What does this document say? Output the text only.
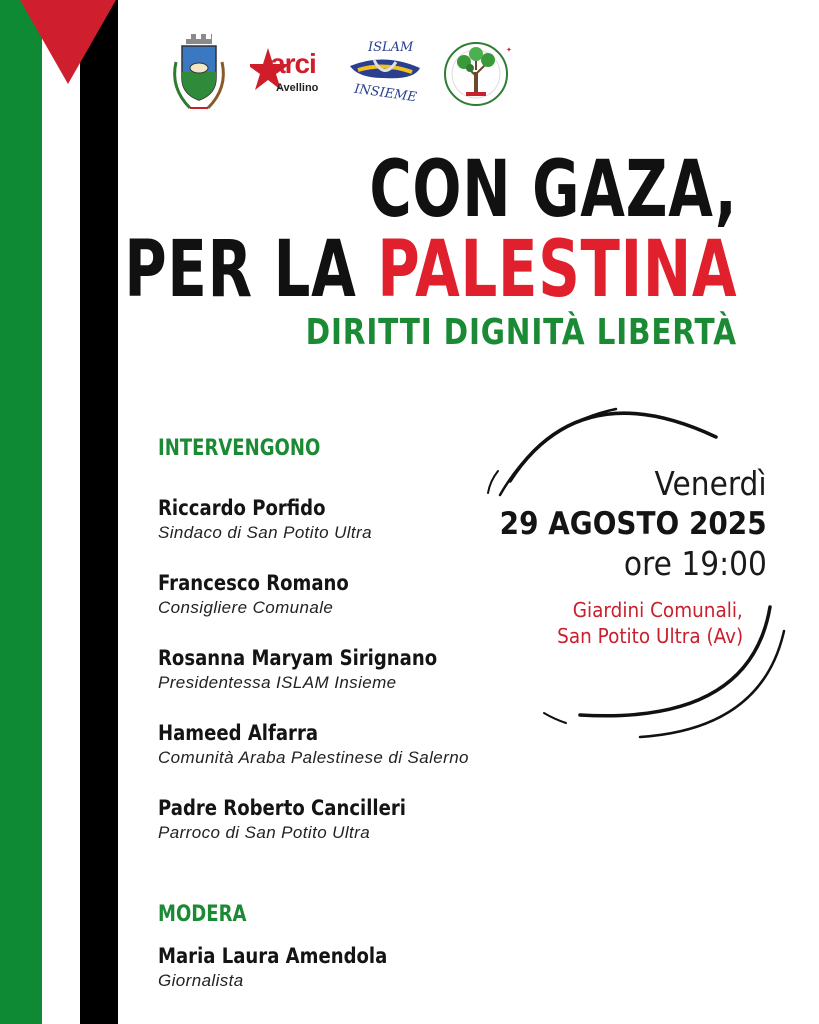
arci
Avellino
ISLAM
INSIEME
✦
CON GAZA,
PER LA PALESTINA
DIRITTI DIGNITÀ LIBERTÀ
INTERVENGONO
Riccardo Porfido
Sindaco di San Potito Ultra
Francesco Romano
Consigliere Comunale
Rosanna Maryam Sirignano
Presidentessa ISLAM Insieme
Hameed Alfarra
Comunità Araba Palestinese di Salerno
Padre Roberto Cancilleri
Parroco di San Potito Ultra
MODERA
Maria Laura Amendola
Giornalista
Venerdì
29 AGOSTO 2025
ore 19:00
Giardini Comunali,
San Potito Ultra (Av)
